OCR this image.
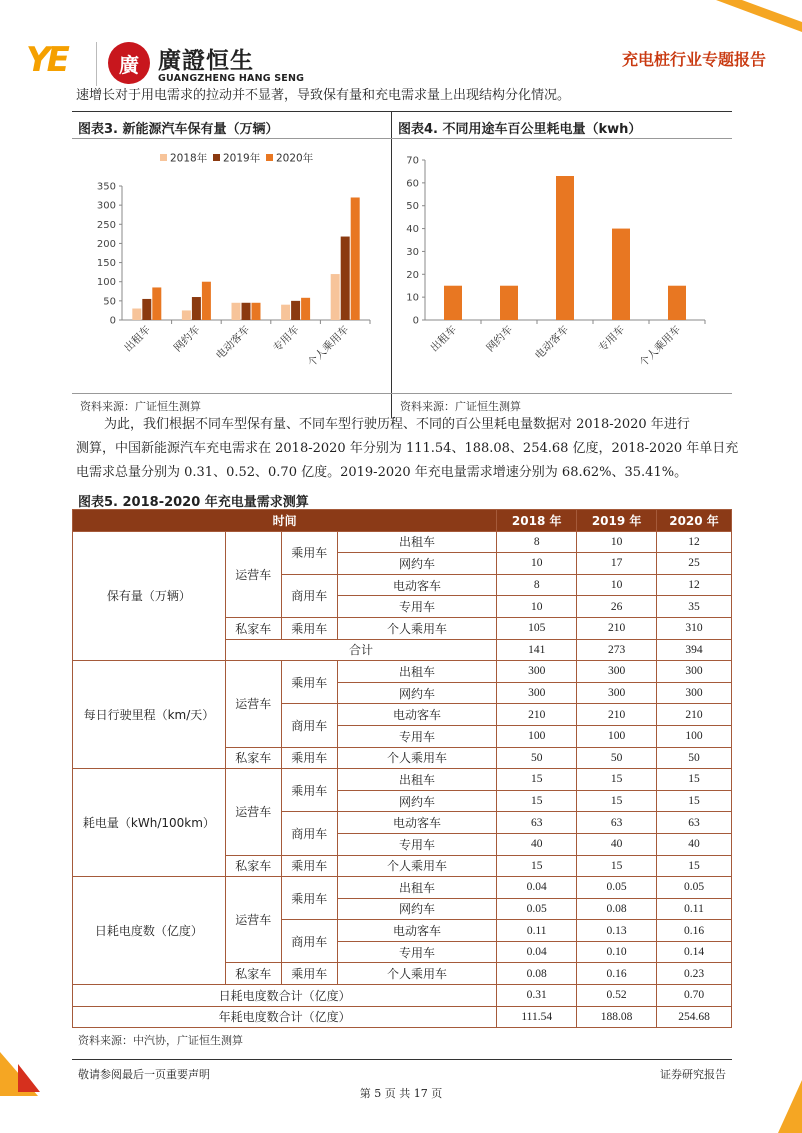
YE	廣 廣證恒生
GUANGZHENG HANG SENG
充电桩行业专题报告
速增长对于用电需求的拉动并不显著，导致保有量和充电需求量上出现结构分化情况。
图表3. 新能源汽车保有量（万辆）	图表4. 不同用途车百公里耗电量（kwh）
0
50
100
150
200
250
300
350
出租车 网约车 电动客车 专用车 个人乘用车
2018年 2019年 2020年
0
10
20
30
40
50
60
70
出租车 网约车 电动客车 专用车 个人乘用车
资料来源：广证恒生测算	资料来源：广证恒生测算
为此，我们根据不同车型保有量、不同车型行驶历程、不同的百公里耗电量数据对 2018-2020 年进行
测算，中国新能源汽车充电需求在 2018-2020 年分别为 111.54、188.08、254.68 亿度，2018-2020 年单日充
电需求总量分别为 0.31、0.52、0.70 亿度。2019-2020 年充电量需求增速分别为 68.62%、35.41%。
图表5. 2018-2020 年充电量需求测算
时间				2018 年	2019 年	2020 年
保有量（万辆）	运营车	乘用车	出租车	8	10	12
			网约车	10	17	25
		商用车	电动客车	8	10	12
			专用车	10	26	35
	私家车	乘用车	个人乘用车	105	210	310
	合计			141	273	394
每日行驶里程（km/天）	运营车	乘用车	出租车	300	300	300
			网约车	300	300	300
		商用车	电动客车	210	210	210
			专用车	100	100	100
	私家车	乘用车	个人乘用车	50	50	50
耗电量（kWh/100km）	运营车	乘用车	出租车	15	15	15
			网约车	15	15	15
		商用车	电动客车	63	63	63
			专用车	40	40	40
	私家车	乘用车	个人乘用车	15	15	15
日耗电度数（亿度）	运营车	乘用车	出租车	0.04	0.05	0.05
			网约车	0.05	0.08	0.11
		商用车	电动客车	0.11	0.13	0.16
			专用车	0.04	0.10	0.14
	私家车	乘用车	个人乘用车	0.08	0.16	0.23
日耗电度数合计（亿度）				0.31	0.52	0.70
年耗电度数合计（亿度）				111.54	188.08	254.68
资料来源：中汽协，广证恒生测算
敬请参阅最后一页重要声明	证券研究报告
第 5 页 共 17 页
